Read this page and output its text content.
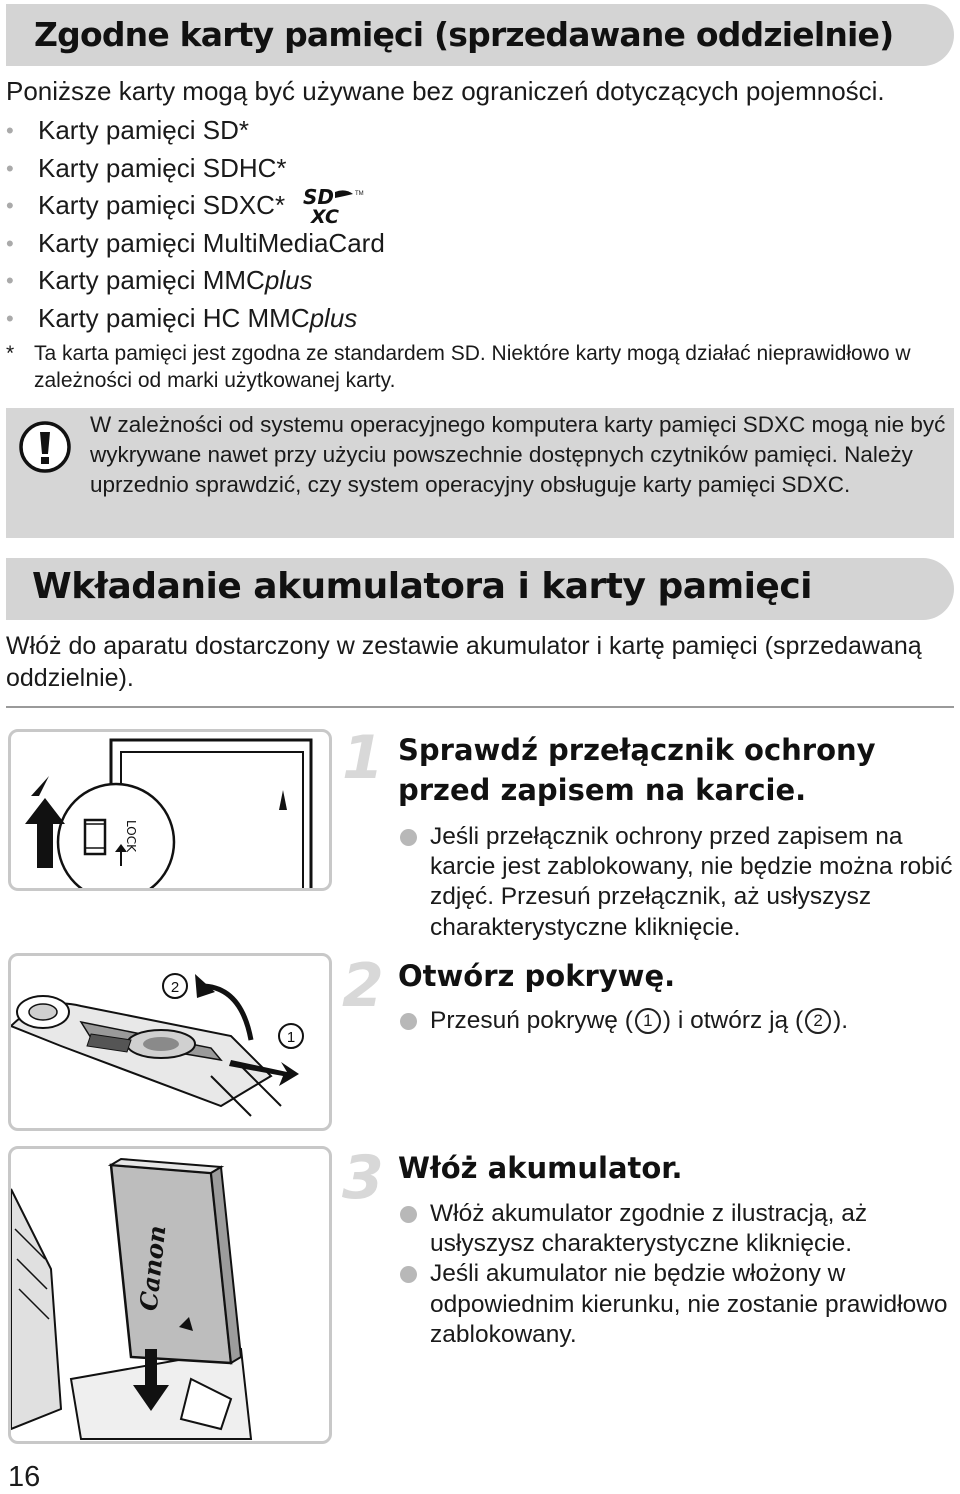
Zgodne karty pamięci (sprzedawane oddzielnie)
Poniższe karty mogą być używane bez ograniczeń dotyczących pojemności.
• Karty pamięci SD*
• Karty pamięci SDHC*
• Karty pamięci SDXC* SD
XC
TM
• Karty pamięci MultiMediaCard
• Karty pamięci MMC plus
• Karty pamięci HC MMC plus
* Ta karta pamięci jest zgodna ze standardem SD. Niektóre karty mogą działać nieprawidłowo w zależności od marki użytkowanej karty.
W zależności od systemu operacyjnego komputera karty pamięci SDXC mogą nie być wykrywane nawet przy użyciu powszechnie dostępnych czytników pamięci. Należy uprzednio sprawdzić, czy system operacyjny obsługuje karty pamięci SDXC.
Wkładanie akumulatora i karty pamięci
Włóż do aparatu dostarczony w zestawie akumulator i kartę pamięci (sprzedawaną oddzielnie).
LOCK
2
1
Canon
1 Sprawdź przełącznik ochrony
przed zapisem na karcie.
Jeśli przełącznik ochrony przed zapisem na karcie jest zablokowany, nie będzie można robić zdjęć. Przesuń przełącznik, aż usłyszysz charakterystyczne kliknięcie.
2 Otwórz pokrywę.
Przesuń pokrywę ( 1 ) i otwórz ją ( 2 ).
3 Włóż akumulator.
Włóż akumulator zgodnie z ilustracją, aż usłyszysz charakterystyczne kliknięcie.
Jeśli akumulator nie będzie włożony w odpowiednim kierunku, nie zostanie prawidłowo zablokowany.
16
